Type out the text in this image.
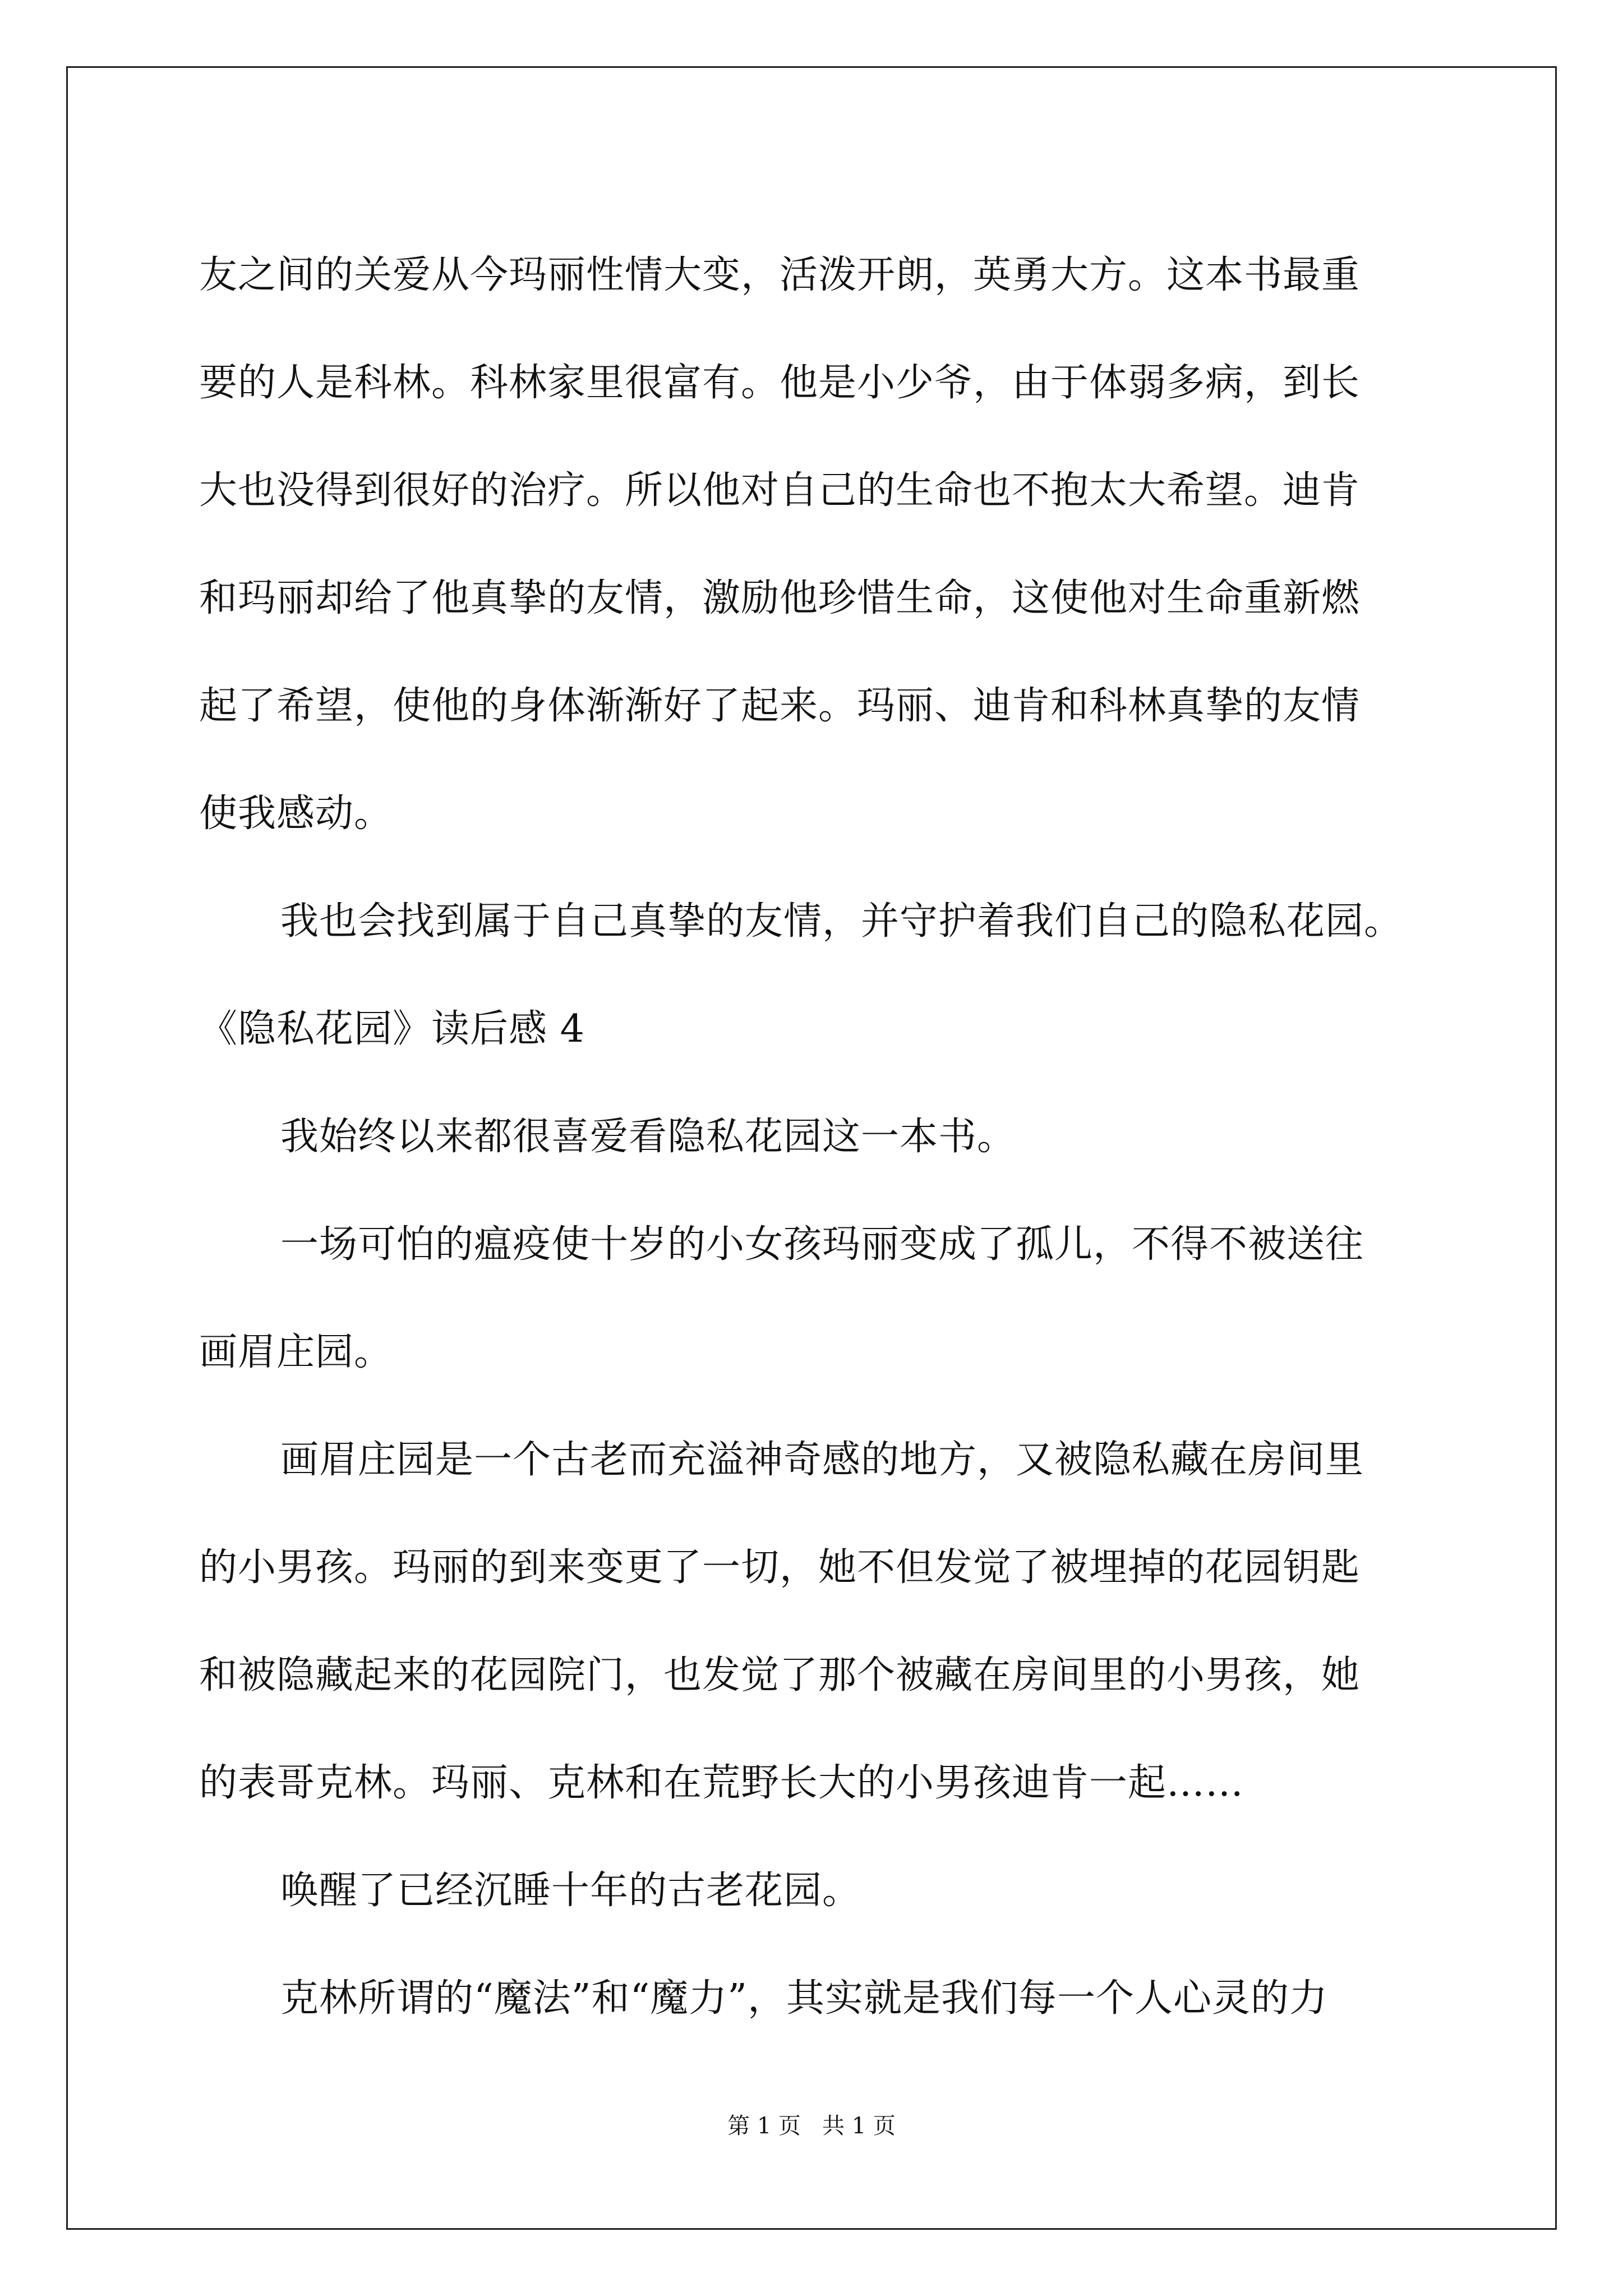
友之间的关爱从今玛丽性情大变，活泼开朗，英勇大方。这本书最重
要的人是科林。科林家里很富有。他是小少爷，由于体弱多病，到长
大也没得到很好的治疗。所以他对自己的生命也不抱太大希望。迪肯
和玛丽却给了他真挚的友情，激励他珍惜生命，这使他对生命重新燃
起了希望，使他的身体渐渐好了起来。玛丽、迪肯和科林真挚的友情
使我感动。
我也会找到属于自己真挚的友情，并守护着我们自己的隐私花园。
《隐私花园》读后感 4
我始终以来都很喜爱看隐私花园这一本书。
一场可怕的瘟疫使十岁的小女孩玛丽变成了孤儿，不得不被送往
画眉庄园。
画眉庄园是一个古老而充溢神奇感的地方，又被隐私藏在房间里
的小男孩。玛丽的到来变更了一切，她不但发觉了被埋掉的花园钥匙
和被隐藏起来的花园院门，也发觉了那个被藏在房间里的小男孩，她
的表哥克林。玛丽、克林和在荒野长大的小男孩迪肯一起……
唤醒了已经沉睡十年的古老花园。
克林所谓的“魔法”和“魔力”，其实就是我们每一个人心灵的力
第 1 页 共 1 页
